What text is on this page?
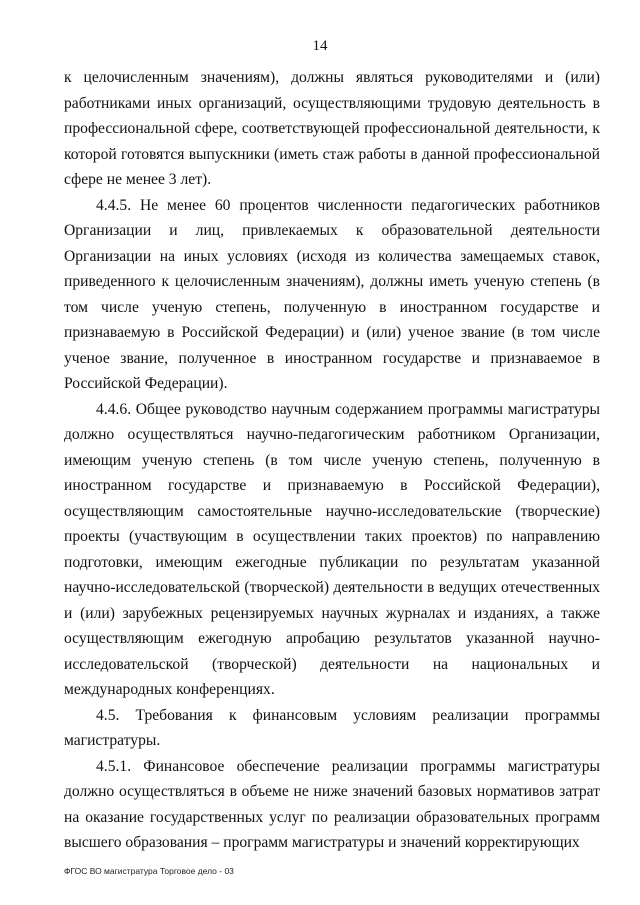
14

к целочисленным значениям), должны являться руководителями и (или) работниками иных организаций, осуществляющими трудовую деятельность в профессиональной сфере, соответствующей профессиональной деятельности, к которой готовятся выпускники (иметь стаж работы в данной профессиональной сфере не менее 3 лет).

4.4.5. Не менее 60 процентов численности педагогических работников Организации и лиц, привлекаемых к образовательной деятельности Организации на иных условиях (исходя из количества замещаемых ставок, приведенного к целочисленным значениям), должны иметь ученую степень (в том числе ученую степень, полученную в иностранном государстве и признаваемую в Российской Федерации) и (или) ученое звание (в том числе ученое звание, полученное в иностранном государстве и признаваемое в Российской Федерации).

4.4.6. Общее руководство научным содержанием программы магистратуры должно осуществляться научно-педагогическим работником Организации, имеющим ученую степень (в том числе ученую степень, полученную в иностранном государстве и признаваемую в Российской Федерации), осуществляющим самостоятельные научно-исследовательские (творческие) проекты (участвующим в осуществлении таких проектов) по направлению подготовки, имеющим ежегодные публикации по результатам указанной научно-исследовательской (творческой) деятельности в ведущих отечественных и (или) зарубежных рецензируемых научных журналах и изданиях, а также осуществляющим ежегодную апробацию результатов указанной научно-исследовательской (творческой) деятельности на национальных и международных конференциях.

4.5. Требования к финансовым условиям реализации программы магистратуры.

4.5.1. Финансовое обеспечение реализации программы магистратуры должно осуществляться в объеме не ниже значений базовых нормативов затрат на оказание государственных услуг по реализации образовательных программ высшего образования – программ магистратуры и значений корректирующих

ФГОС ВО магистратура Торговое дело - 03
